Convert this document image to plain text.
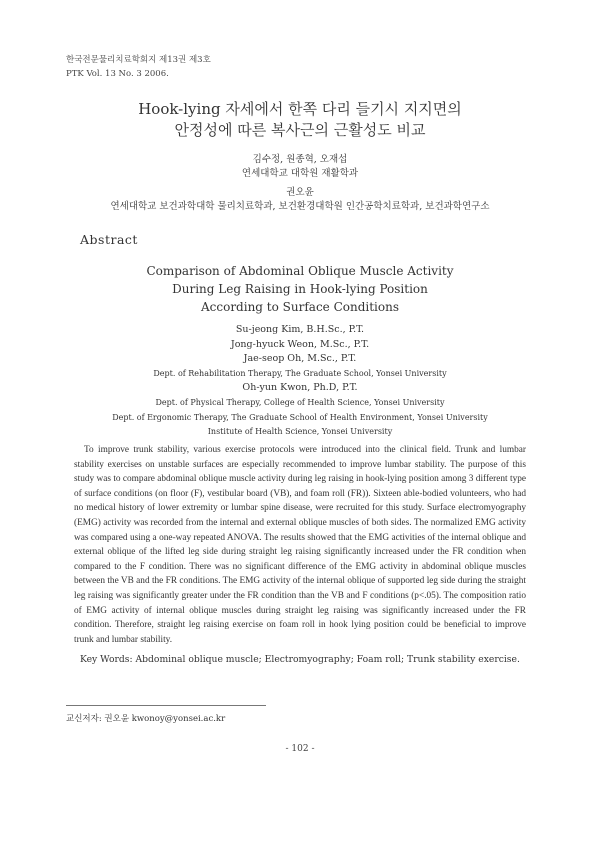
한국전문물리치료학회지 제13권 제3호
PTK Vol. 13 No. 3 2006.
Hook-lying 자세에서 한쪽 다리 들기시 지지면의
안정성에 따른 복사근의 근활성도 비교
김수정, 원종혁, 오재섭
연세대학교 대학원 재활학과
권오윤
연세대학교 보건과학대학 물리치료학과, 보건환경대학원 인간공학치료학과, 보건과학연구소
Abstract
Comparison of Abdominal Oblique Muscle Activity
During Leg Raising in Hook-lying Position
According to Surface Conditions
Su-jeong Kim, B.H.Sc., P.T.
Jong-hyuck Weon, M.Sc., P.T.
Jae-seop Oh, M.Sc., P.T.
Dept. of Rehabilitation Therapy, The Graduate School, Yonsei University
Oh-yun Kwon, Ph.D, P.T.
Dept. of Physical Therapy, College of Health Science, Yonsei University
Dept. of Ergonomic Therapy, The Graduate School of Health Environment, Yonsei University
Institute of Health Science, Yonsei University

To improve trunk stability, various exercise protocols were introduced into the clinical field. Trunk and lumbar stability exercises on unstable surfaces are especially recommended to improve lumbar stability. The purpose of this study was to compare abdominal oblique muscle activity during leg raising in hook-lying position among 3 different type of surface conditions (on floor (F), vestibular board (VB), and foam roll (FR)). Sixteen able-bodied volunteers, who had no medical history of lower extremity or lumbar spine disease, were recruited for this study. Surface electromyography (EMG) activity was recorded from the internal and external oblique muscles of both sides. The normalized EMG activity was compared using a one-way repeated ANOVA. The results showed that the EMG activities of the internal oblique and external oblique of the lifted leg side during straight leg raising significantly increased under the FR condition when compared to the F condition. There was no significant difference of the EMG activity in abdominal oblique muscles between the VB and the FR conditions. The EMG activity of the internal oblique of supported leg side during the straight leg raising was significantly greater under the FR condition than the VB and F conditions (p<.05). The composition ratio of EMG activity of internal oblique muscles during straight leg raising was significantly increased under the FR condition. Therefore, straight leg raising exercise on foam roll in hook lying position could be beneficial to improve trunk and lumbar stability.

Key Words: Abdominal oblique muscle; Electromyography; Foam roll; Trunk stability exercise.
교신저자: 권오윤 kwonoy@yonsei.ac.kr
- 102 -
